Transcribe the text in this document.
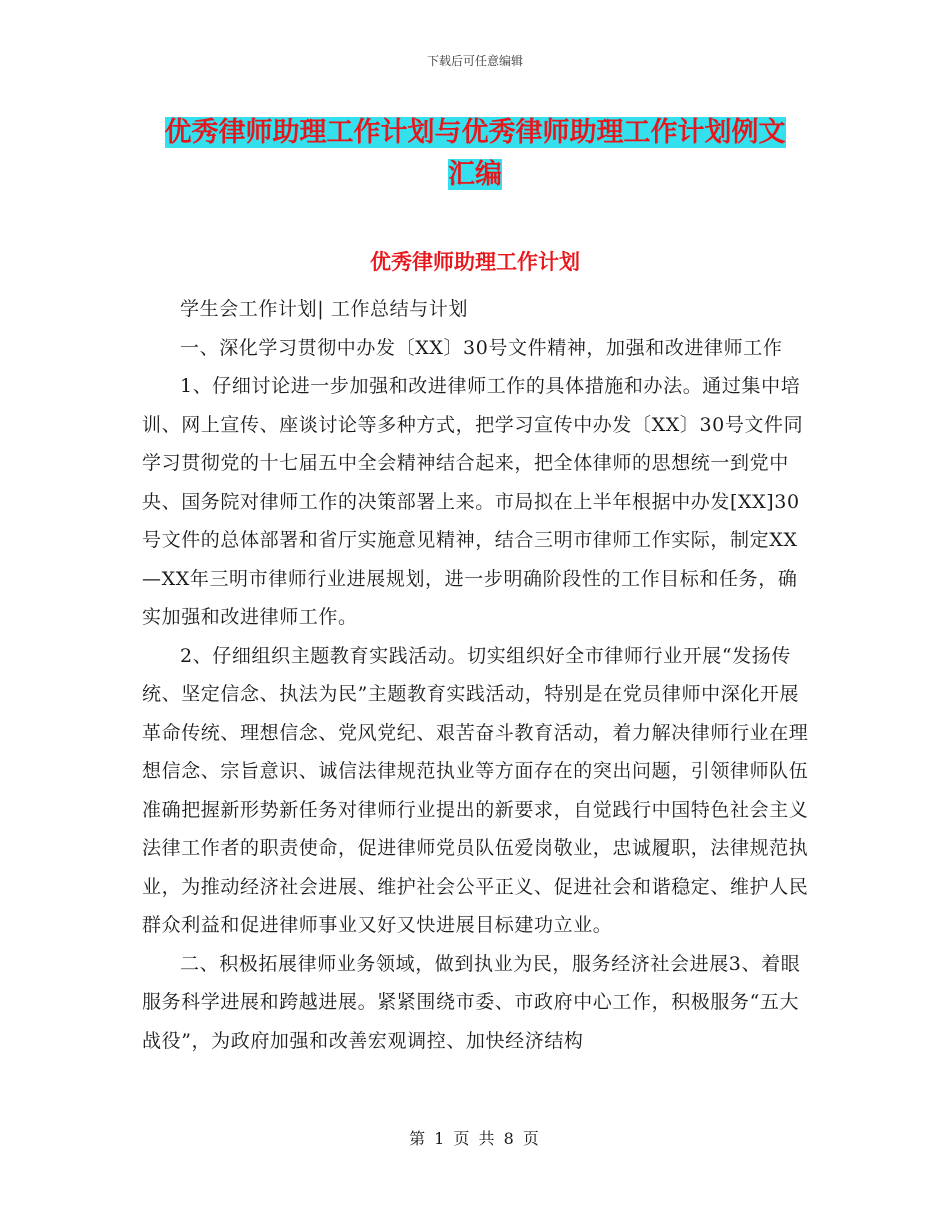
下载后可任意编辑
优秀律师助理工作计划与优秀律师助理工作计划例文
汇编
优秀律师助理工作计划

学生会工作计划| 工作总结与计划

一、深化学习贯彻中办发〔XX〕30号文件精神，加强和改进律师工作

1、仔细讨论进一步加强和改进律师工作的具体措施和办法。通过集中培训、网上宣传、座谈讨论等多种方式，把学习宣传中办发〔XX〕30号文件同学习贯彻党的十七届五中全会精神结合起来，把全体律师的思想统一到党中央、国务院对律师工作的决策部署上来。市局拟在上半年根据中办发[XX]30号文件的总体部署和省厅实施意见精神，结合三明市律师工作实际，制定XX—XX年三明市律师行业进展规划，进一步明确阶段性的工作目标和任务，确实加强和改进律师工作。

2、仔细组织主题教育实践活动。切实组织好全市律师行业开展“发扬传统、坚定信念、执法为民”主题教育实践活动，特别是在党员律师中深化开展革命传统、理想信念、党风党纪、艰苦奋斗教育活动，着力解决律师行业在理想信念、宗旨意识、诚信法律规范执业等方面存在的突出问题，引领律师队伍准确把握新形势新任务对律师行业提出的新要求，自觉践行中国特色社会主义法律工作者的职责使命，促进律师党员队伍爱岗敬业，忠诚履职，法律规范执业，为推动经济社会进展、维护社会公平正义、促进社会和谐稳定、维护人民群众利益和促进律师事业又好又快进展目标建功立业。

二、积极拓展律师业务领域，做到执业为民，服务经济社会进展3、着眼服务科学进展和跨越进展。紧紧围绕市委、市政府中心工作，积极服务“五大战役”，为政府加强和改善宏观调控、加快经济结构

第 1 页 共 8 页
